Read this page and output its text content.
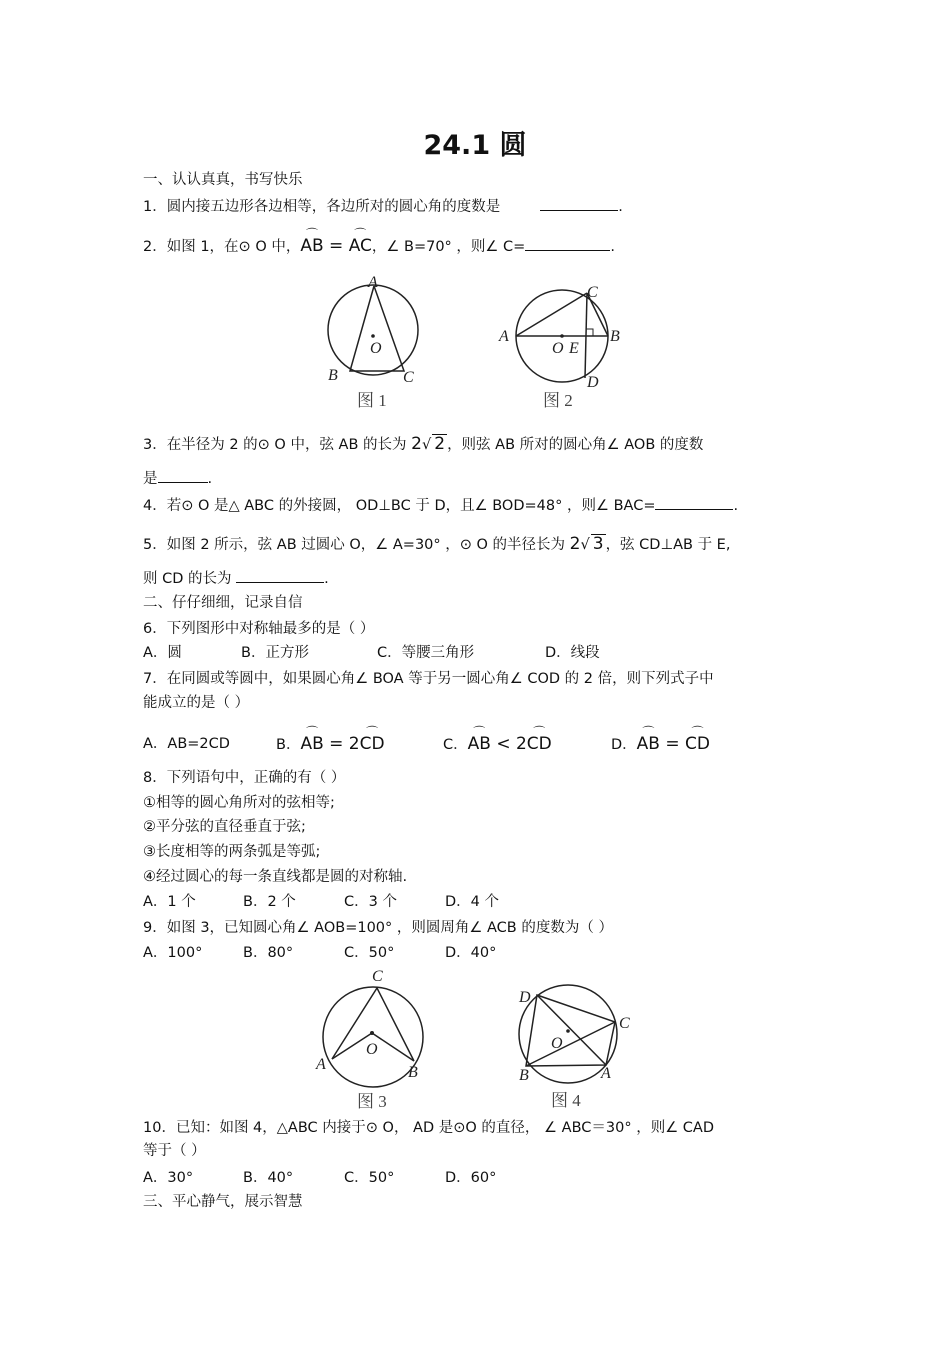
24.1 圆
一、认认真真，书写快乐
1．圆内接五边形各边相等，各边所对的圆心角的度数是	.
2．如图 1，在⊙ O 中，⌒ AB = ⌒ AC，∠ B=70° ，则∠ C=	.
A
B	C
O
图 1
C
A	B
O E
D
图 2
3．在半径为 2 的⊙ O 中，弦 AB 的长为 2√ 2 ，则弦 AB 所对的圆心角∠ AOB 的度数
是	.
4．若⊙ O 是△ ABC 的外接圆， OD⊥BC 于 D，且∠ BOD=48° ，则∠ BAC=	.
5．如图 2 所示，弦 AB 过圆心 O，∠ A=30° ，⊙ O 的半径长为 2√ 3 ，弦 CD⊥AB 于 E,
则 CD 的长为	.
二、仔仔细细，记录自信
6．下列图形中对称轴最多的是（ ）
A．圆	B．正方形	C．等腰三角形	D．线段
7．在同圆或等圆中，如果圆心角∠ BOA 等于另一圆心角∠ COD 的 2 倍，则下列式子中
能成立的是（ ）
A．AB=2CD	B．⌒ AB = 2⌒ CD	C．⌒ AB < 2⌒ CD	D．⌒ AB = ⌒ CD
8．下列语句中，正确的有（ ）
①相等的圆心角所对的弦相等;
②平分弦的直径垂直于弦;
③长度相等的两条弧是等弧;
④经过圆心的每一条直线都是圆的对称轴.
A．1 个	B．2 个	C．3 个	D．4 个
9．如图 3，已知圆心角∠ AOB=100° ，则圆周角∠ ACB 的度数为（ ）
A．100°	B．80°	C．50°	D．40°
C
A	B
O
图 3
D
C
O
B	A
图 4
10．已知：如图 4，△ABC 内接于⊙ O， AD 是⊙O 的直径， ∠ ABC＝30° ，则∠ CAD
等于（ ）
A．30°	B．40°	C．50°	D．60°
三、平心静气，展示智慧
